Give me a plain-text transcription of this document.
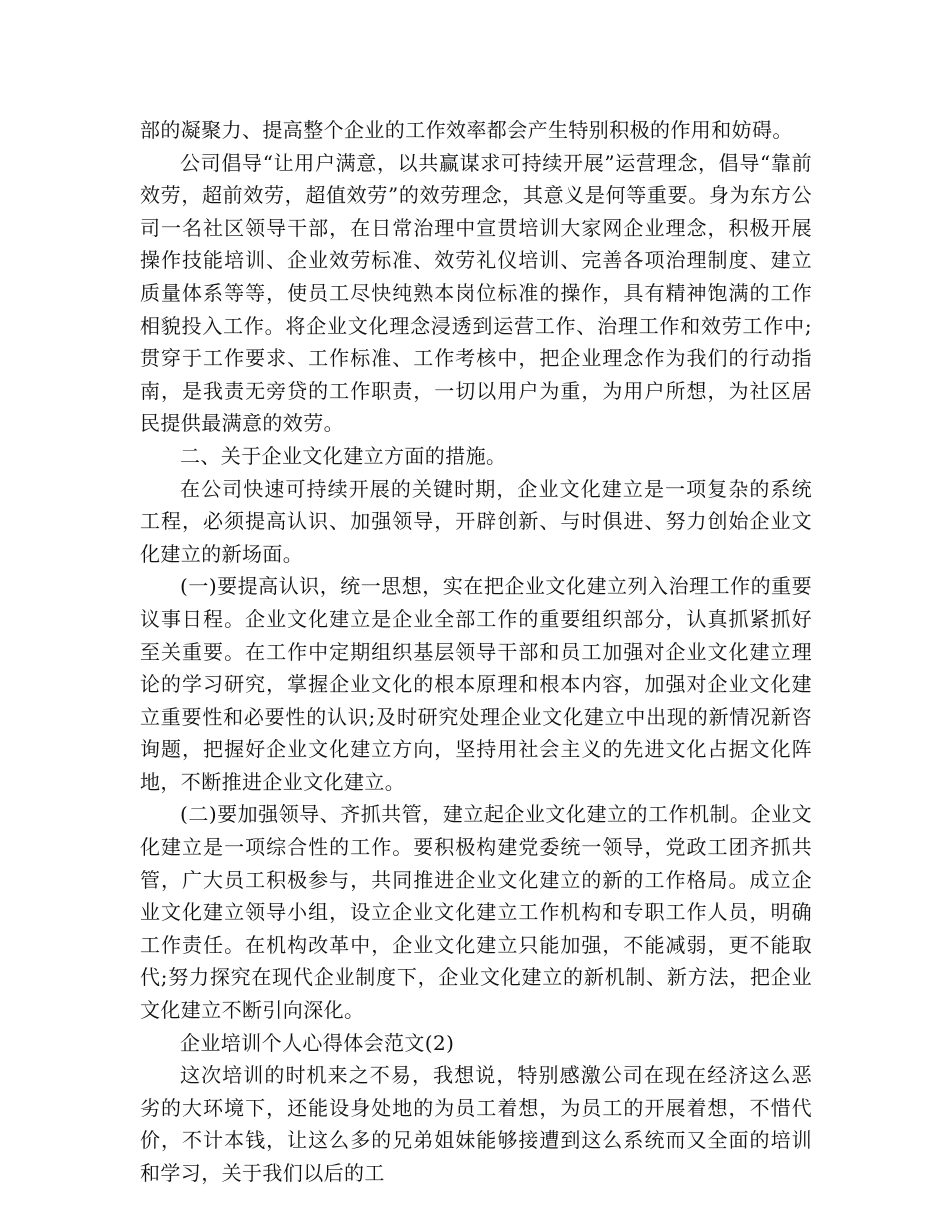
部的凝聚力、提高整个企业的工作效率都会产生特别积极的作用和妨碍。

公司倡导“让用户满意，以共赢谋求可持续开展”运营理念，倡导“靠前效劳，超前效劳，超值效劳”的效劳理念，其意义是何等重要。身为东方公司一名社区领导干部，在日常治理中宣贯培训大家网企业理念，积极开展操作技能培训、企业效劳标准、效劳礼仪培训、完善各项治理制度、建立质量体系等等，使员工尽快纯熟本岗位标准的操作，具有精神饱满的工作相貌投入工作。将企业文化理念浸透到运营工作、治理工作和效劳工作中;贯穿于工作要求、工作标准、工作考核中，把企业理念作为我们的行动指南，是我责无旁贷的工作职责，一切以用户为重，为用户所想，为社区居民提供最满意的效劳。

二、关于企业文化建立方面的措施。

在公司快速可持续开展的关键时期，企业文化建立是一项复杂的系统工程，必须提高认识、加强领导，开辟创新、与时俱进、努力创始企业文化建立的新场面。

(一)要提高认识，统一思想，实在把企业文化建立列入治理工作的重要议事日程。企业文化建立是企业全部工作的重要组织部分，认真抓紧抓好至关重要。在工作中定期组织基层领导干部和员工加强对企业文化建立理论的学习研究，掌握企业文化的根本原理和根本内容，加强对企业文化建立重要性和必要性的认识;及时研究处理企业文化建立中出现的新情况新咨询题，把握好企业文化建立方向，坚持用社会主义的先进文化占据文化阵地，不断推进企业文化建立。

(二)要加强领导、齐抓共管，建立起企业文化建立的工作机制。企业文化建立是一项综合性的工作。要积极构建党委统一领导，党政工团齐抓共管，广大员工积极参与，共同推进企业文化建立的新的工作格局。成立企业文化建立领导小组，设立企业文化建立工作机构和专职工作人员，明确工作责任。在机构改革中，企业文化建立只能加强，不能减弱，更不能取代;努力探究在现代企业制度下，企业文化建立的新机制、新方法，把企业文化建立不断引向深化。

企业培训个人心得体会范文(2)

这次培训的时机来之不易，我想说，特别感激公司在现在经济这么恶劣的大环境下，还能设身处地的为员工着想，为员工的开展着想，不惜代价，不计本钱，让这么多的兄弟姐妹能够接遭到这么系统而又全面的培训和学习，关于我们以后的工
